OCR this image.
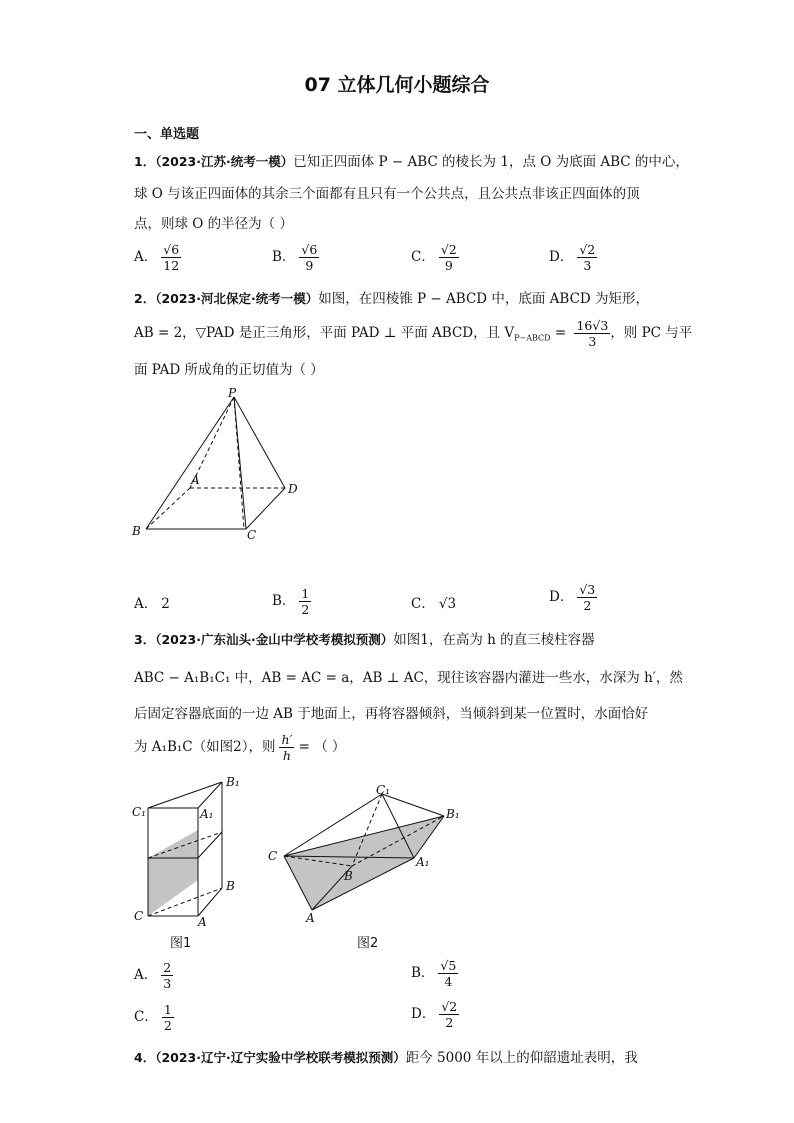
07 立体几何小题综合
一、单选题
1．（2023·江苏·统考一模）已知正四面体 P − ABC 的棱长为 1，点 O 为底面 ABC 的中心，
球 O 与该正四面体的其余三个面都有且只有一个公共点，且公共点非该正四面体的顶
点，则球 O 的半径为（ ）
A． $\frac{√6}{12}$	B． $\frac{√6}{9}$	C． $\frac{√2}{9}$	D． $\frac{√2}{3}$
2．（2023·河北保定·统考一模）如图，在四棱锥 P − ABCD 中，底面 ABCD 为矩形，
AB = 2，▽PAD 是正三角形，平面 PAD ⊥ 平面 ABCD，且 $V_{P-ABCD} = \frac{16√3}{3}$ ，则 PC 与平
面 PAD 所成角的正切值为（ ）
P
A
B	C
D
A． 2	B． $\frac{1}{2}$	C． √3	D． $\frac{√3}{2}$
3．（2023·广东汕头·金山中学校考模拟预测）如图1，在高为 h 的直三棱柱容器
ABC − A₁B₁C₁ 中，AB = AC = a，AB ⊥ AC，现往该容器内灌进一些水，水深为 h′，然
后固定容器底面的一边 AB 于地面上，再将容器倾斜，当倾斜到某一位置时，水面恰好
为 A₁B₁C（如图2），则 $\frac{h'}{h}$ = （ ）
C₁
B₁
A₁
B
C	A
图1
C₁
B₁
C	A₁
B
A
图2
A． $\frac{2}{3}$	B． $\frac{√5}{4}$
C． $\frac{1}{2}$	D． $\frac{√2}{2}$
4．（2023·辽宁·辽宁实验中学校联考模拟预测）距今 5000 年以上的仰韶遗址表明，我
